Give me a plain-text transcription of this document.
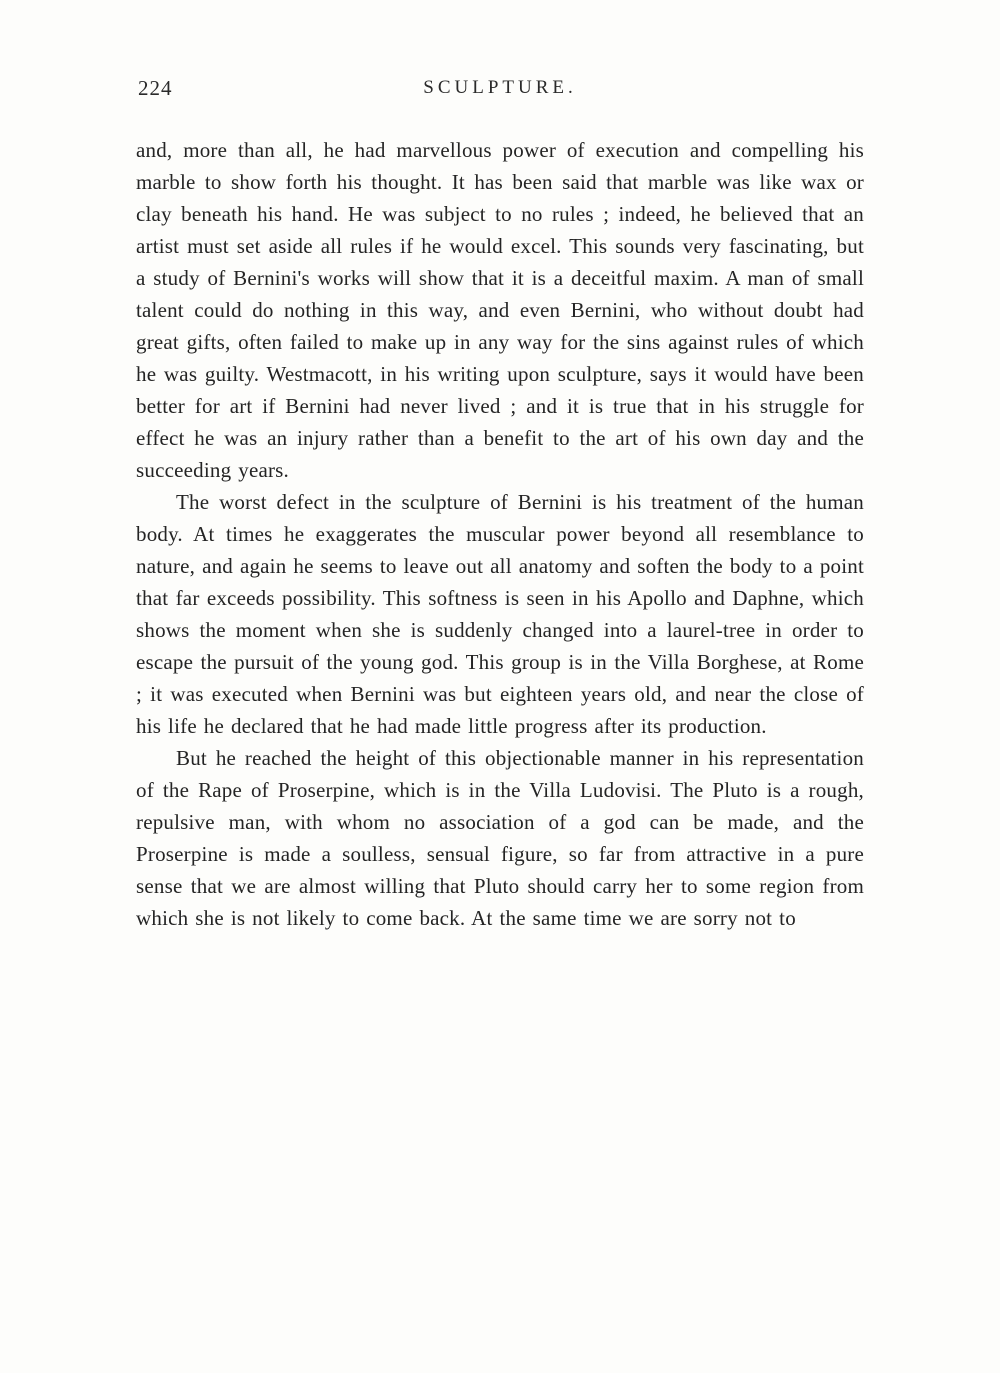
224	SCULPTURE.

and, more than all, he had marvellous power of execution and compelling his marble to show forth his thought. It has been said that marble was like wax or clay beneath his hand. He was subject to no rules ; indeed, he believed that an artist must set aside all rules if he would excel. This sounds very fascinating, but a study of Bernini's works will show that it is a deceitful maxim. A man of small talent could do nothing in this way, and even Bernini, who without doubt had great gifts, often failed to make up in any way for the sins against rules of which he was guilty. Westmacott, in his writing upon sculpture, says it would have been better for art if Bernini had never lived ; and it is true that in his struggle for effect he was an injury rather than a benefit to the art of his own day and the succeeding years.

The worst defect in the sculpture of Bernini is his treatment of the human body. At times he exaggerates the muscular power beyond all resemblance to nature, and again he seems to leave out all anatomy and soften the body to a point that far exceeds possibility. This softness is seen in his Apollo and Daphne, which shows the moment when she is suddenly changed into a laurel-tree in order to escape the pursuit of the young god. This group is in the Villa Borghese, at Rome ; it was executed when Bernini was but eighteen years old, and near the close of his life he declared that he had made little progress after its production.

But he reached the height of this objectionable manner in his representation of the Rape of Proserpine, which is in the Villa Ludovisi. The Pluto is a rough, repulsive man, with whom no association of a god can be made, and the Proserpine is made a soulless, sensual figure, so far from attractive in a pure sense that we are almost willing that Pluto should carry her to some region from which she is not likely to come back. At the same time we are sorry not to
